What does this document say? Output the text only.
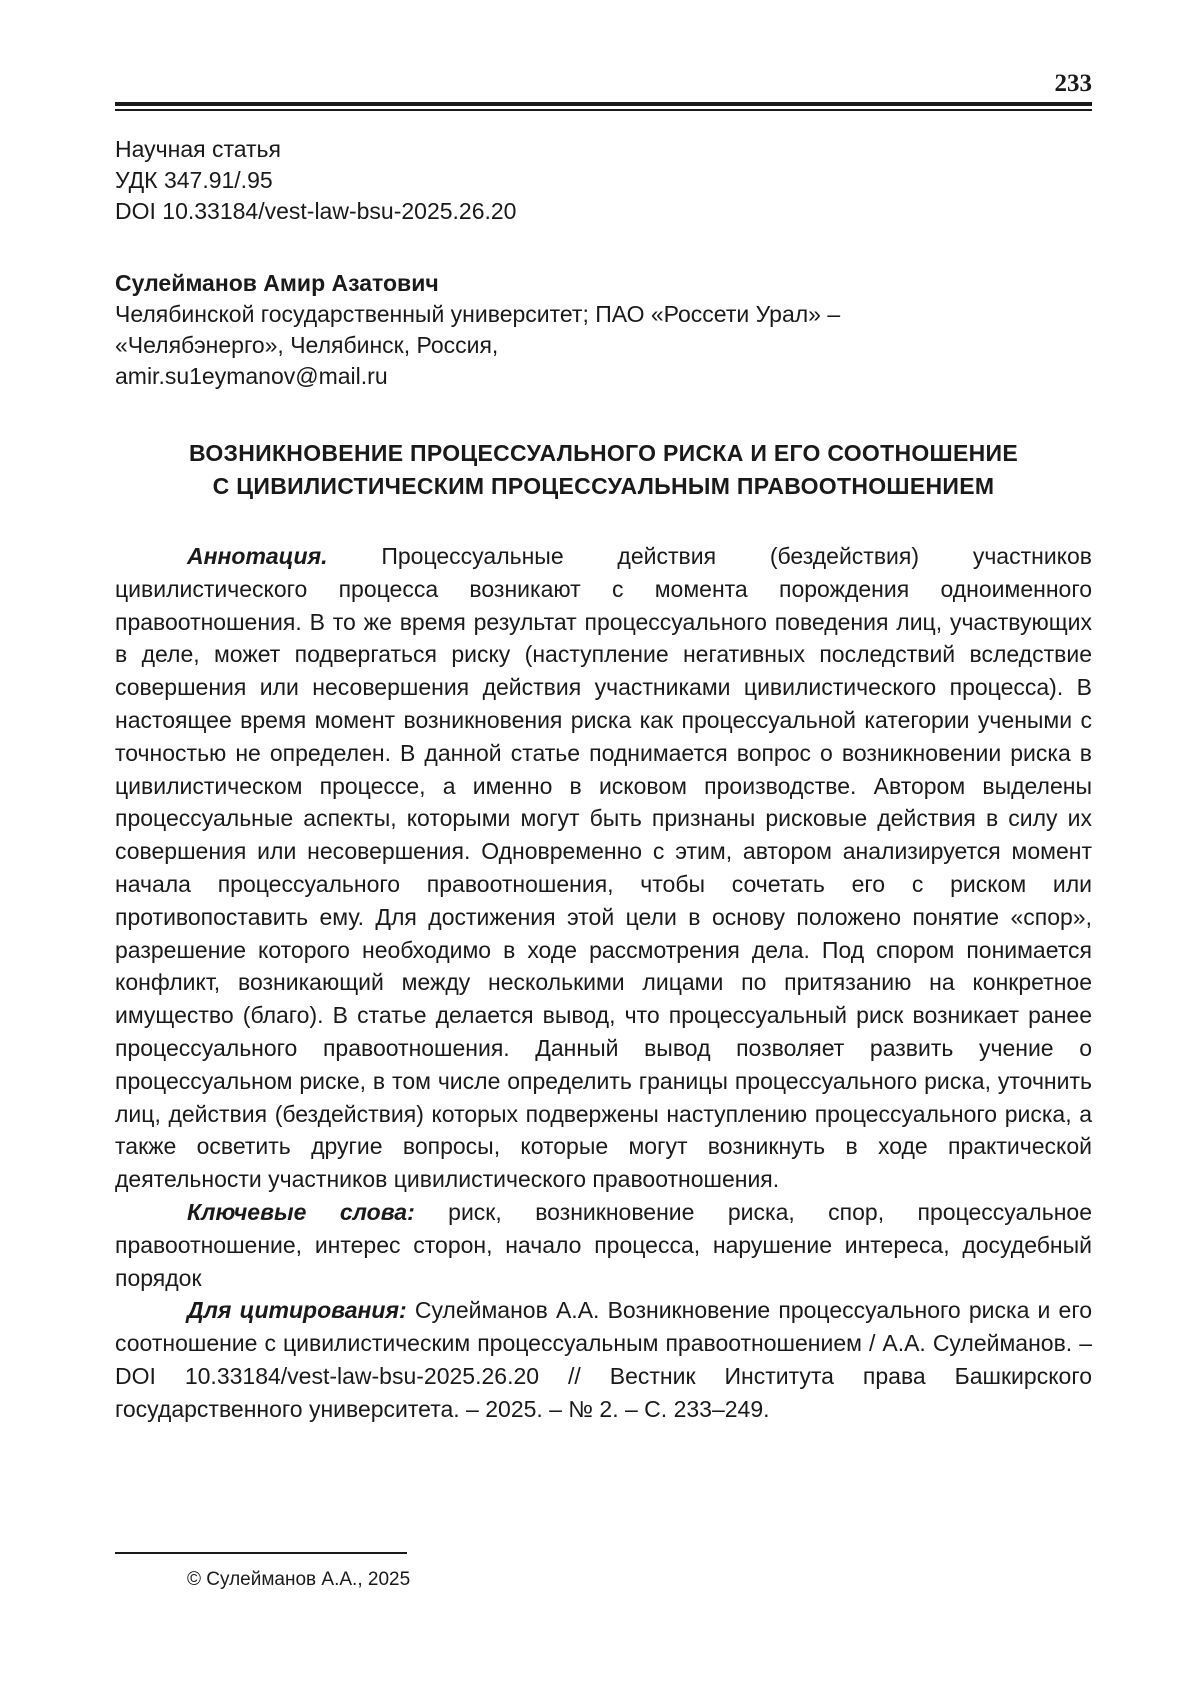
233
Научная статья
УДК 347.91/.95
DOI 10.33184/vest-law-bsu-2025.26.20
Сулейманов Амир Азатович
Челябинской государственный университет; ПАО «Россети Урал» –
«Челябэнерго», Челябинск, Россия,
amir.su1eymanov@mail.ru
ВОЗНИКНОВЕНИЕ ПРОЦЕССУАЛЬНОГО РИСКА И ЕГО СООТНОШЕНИЕ
С ЦИВИЛИСТИЧЕСКИМ ПРОЦЕССУАЛЬНЫМ ПРАВООТНОШЕНИЕМ

Аннотация. Процессуальные действия (бездействия) участников цивилистического процесса возникают с момента порождения одноименного правоотношения. В то же время результат процессуального поведения лиц, участвующих в деле, может подвергаться риску (наступление негативных последствий вследствие совершения или несовершения действия участниками цивилистического процесса). В настоящее время момент возникновения риска как процессуальной категории учеными с точностью не определен. В данной статье поднимается вопрос о возникновении риска в цивилистическом процессе, а именно в исковом производстве. Автором выделены процессуальные аспекты, которыми могут быть признаны рисковые действия в силу их совершения или несовершения. Одновременно с этим, автором анализируется момент начала процессуального правоотношения, чтобы сочетать его с риском или противопоставить ему. Для достижения этой цели в основу положено понятие «спор», разрешение которого необходимо в ходе рассмотрения дела. Под спором понимается конфликт, возникающий между несколькими лицами по притязанию на конкретное имущество (благо). В статье делается вывод, что процессуальный риск возникает ранее процессуального правоотношения. Данный вывод позволяет развить учение о процессуальном риске, в том числе определить границы процессуального риска, уточнить лиц, действия (бездействия) которых подвержены наступлению процессуального риска, а также осветить другие вопросы, которые могут возникнуть в ходе практической деятельности участников цивилистического правоотношения.

Ключевые слова: риск, возникновение риска, спор, процессуальное правоотношение, интерес сторон, начало процесса, нарушение интереса, досудебный порядок

Для цитирования: Сулейманов А.А. Возникновение процессуального риска и его соотношение с цивилистическим процессуальным правоотношением / А.А. Сулейманов. – DOI 10.33184/vest-law-bsu-2025.26.20 // Вестник Института права Башкирского государственного университета. – 2025. – № 2. – С. 233–249.

© Сулейманов А.А., 2025
